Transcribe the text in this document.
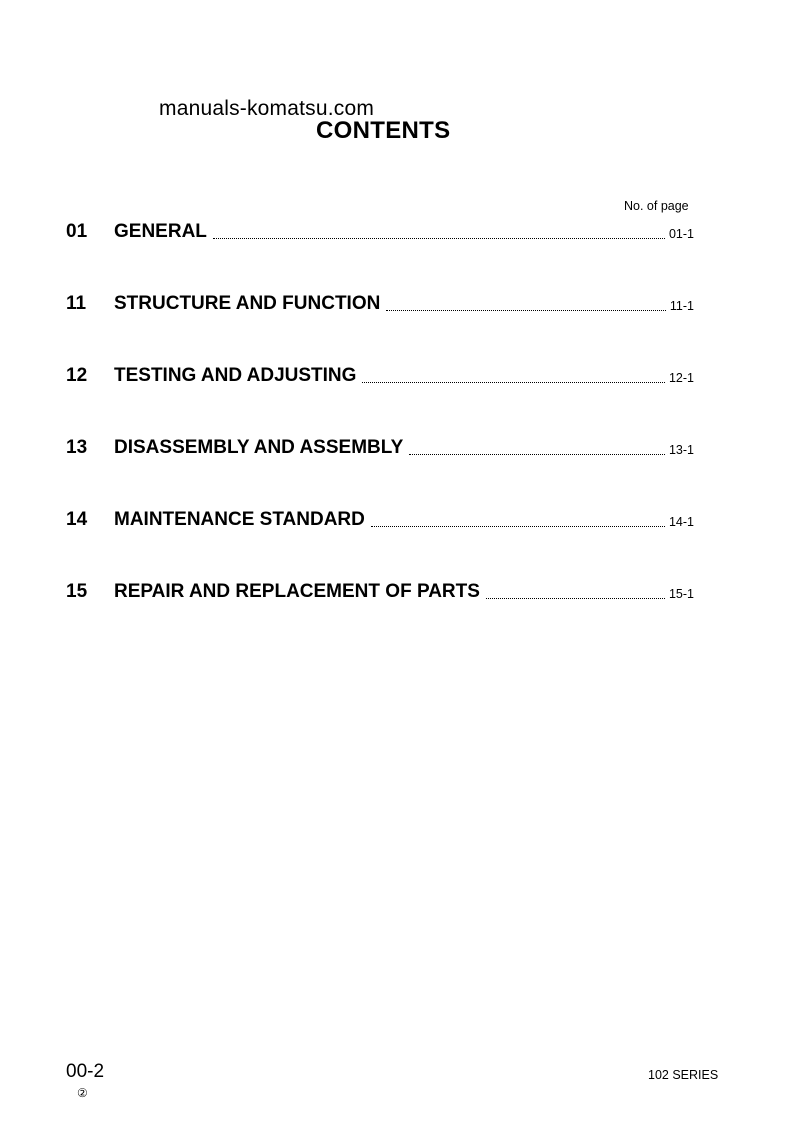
manuals-komatsu.com
CONTENTS
No. of page
01	GENERAL	01-1
11	STRUCTURE AND FUNCTION	11-1
12	TESTING AND ADJUSTING	12-1
13	DISASSEMBLY AND ASSEMBLY	13-1
14	MAINTENANCE STANDARD	14-1
15	REPAIR AND REPLACEMENT OF PARTS	15-1
00-2
②
102 SERIES
